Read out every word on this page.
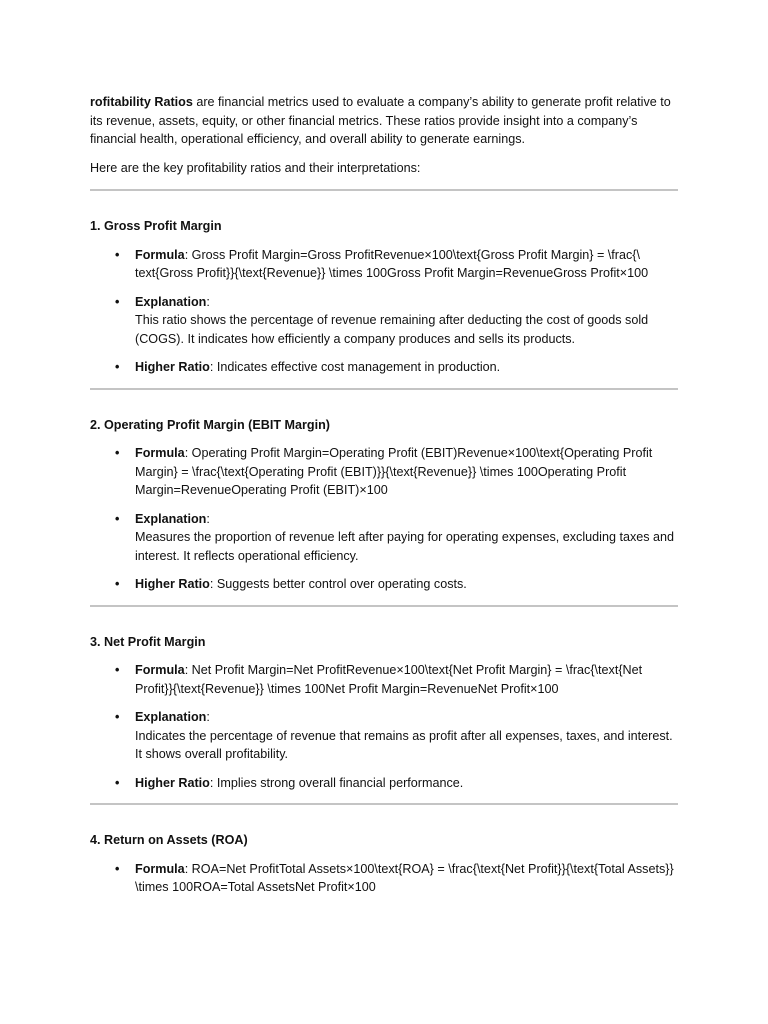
rofitability Ratios are financial metrics used to evaluate a company’s ability to generate profit relative to its revenue, assets, equity, or other financial metrics. These ratios provide insight into a company’s financial health, operational efficiency, and overall ability to generate earnings.

Here are the key profitability ratios and their interpretations:

1. Gross Profit Margin

• Formula: Gross Profit Margin=Gross ProfitRevenue×100\text{Gross Profit Margin} = \frac{\ text{Gross Profit}}{\text{Revenue}} \times 100Gross Profit Margin=RevenueGross Profit×100
• Explanation:
This ratio shows the percentage of revenue remaining after deducting the cost of goods sold (COGS). It indicates how efficiently a company produces and sells its products.
• Higher Ratio: Indicates effective cost management in production.

2. Operating Profit Margin (EBIT Margin)

• Formula: Operating Profit Margin=Operating Profit (EBIT)Revenue×100\text{Operating Profit Margin} = \frac{\text{Operating Profit (EBIT)}}{\text{Revenue}} \times 100Operating Profit Margin=RevenueOperating Profit (EBIT)×100
• Explanation:
Measures the proportion of revenue left after paying for operating expenses, excluding taxes and interest. It reflects operational efficiency.
• Higher Ratio: Suggests better control over operating costs.

3. Net Profit Margin

• Formula: Net Profit Margin=Net ProfitRevenue×100\text{Net Profit Margin} = \frac{\text{Net Profit}}{\text{Revenue}} \times 100Net Profit Margin=RevenueNet Profit×100
• Explanation:
Indicates the percentage of revenue that remains as profit after all expenses, taxes, and interest. It shows overall profitability.
• Higher Ratio: Implies strong overall financial performance.

4. Return on Assets (ROA)

• Formula: ROA=Net ProfitTotal Assets×100\text{ROA} = \frac{\text{Net Profit}}{\text{Total Assets}} \times 100ROA=Total AssetsNet Profit×100
